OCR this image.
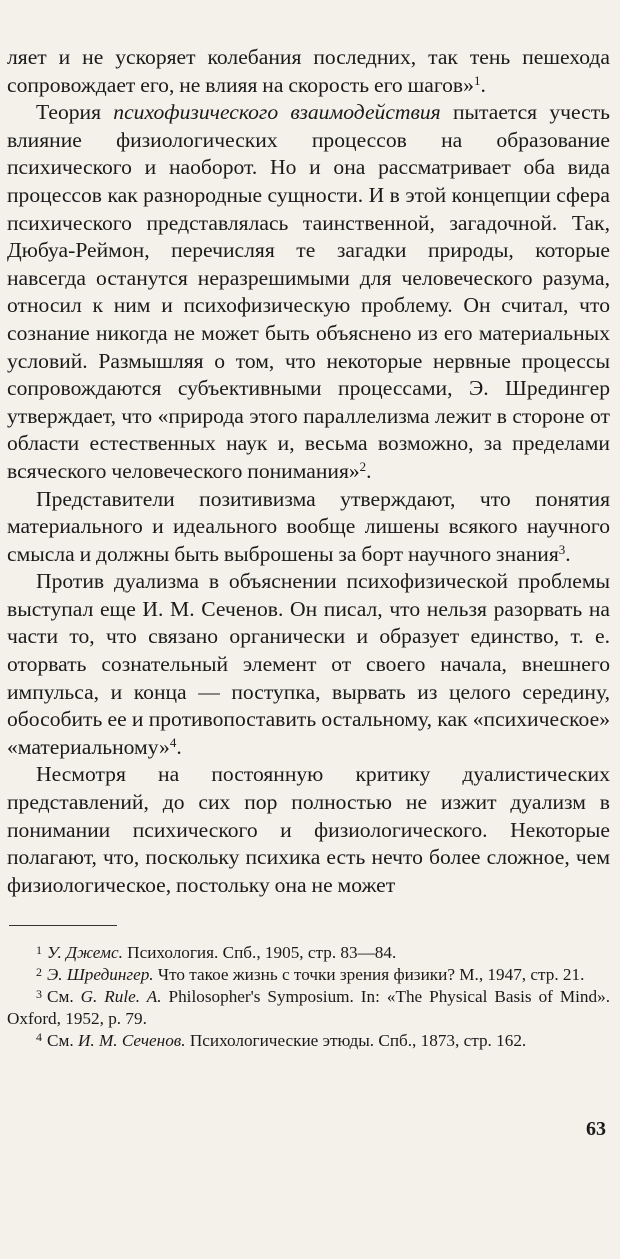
ляет и не ускоряет колебания последних, так тень пешехода сопровождает его, не влияя на скорость его шагов»$^1$.

Теория психофизического взаимодействия пытается учесть влияние физиологических процессов на образование психического и наоборот. Но и она рассматривает оба вида процессов как разнородные сущности. И в этой концепции сфера психического представлялась таинственной, загадочной. Так, Дюбуа-Реймон, перечисляя те загадки природы, которые навсегда останутся неразрешимыми для человеческого разума, относил к ним и психофизическую проблему. Он считал, что сознание никогда не может быть объяснено из его материальных условий. Размышляя о том, что некоторые нервные процессы сопровождаются субъективными процессами, Э. Шредингер утверждает, что «природа этого параллелизма лежит в стороне от области естественных наук и, весьма возможно, за пределами всяческого человеческого понимания»$^2$.

Представители позитивизма утверждают, что понятия материального и идеального вообще лишены всякого научного смысла и должны быть выброшены за борт научного знания$^3$.

Против дуализма в объяснении психофизической проблемы выступал еще И. М. Сеченов. Он писал, что нельзя разорвать на части то, что связано органически и образует единство, т. е. оторвать сознательный элемент от своего начала, внешнего импульса, и конца — поступка, вырвать из целого середину, обособить ее и противопоставить остальному, как «психическое» «материальному»$^4$.

Несмотря на постоянную критику дуалистических представлений, до сих пор полностью не изжит дуализм в понимании психического и физиологического. Некоторые полагают, что, поскольку психика есть нечто более сложное, чем физиологическое, постольку она не может

$^1$ У. Джемс. Психология. Спб., 1905, стр. 83—84.

$^2$ Э. Шредингер. Что такое жизнь с точки зрения физики? М., 1947, стр. 21.

$^3$ См. G. Rule. A. Philosopher's Symposium. In: «The Physical Basis of Mind». Oxford, 1952, p. 79.

$^4$ См. И. М. Сеченов. Психологические этюды. Спб., 1873, стр. 162.

63
